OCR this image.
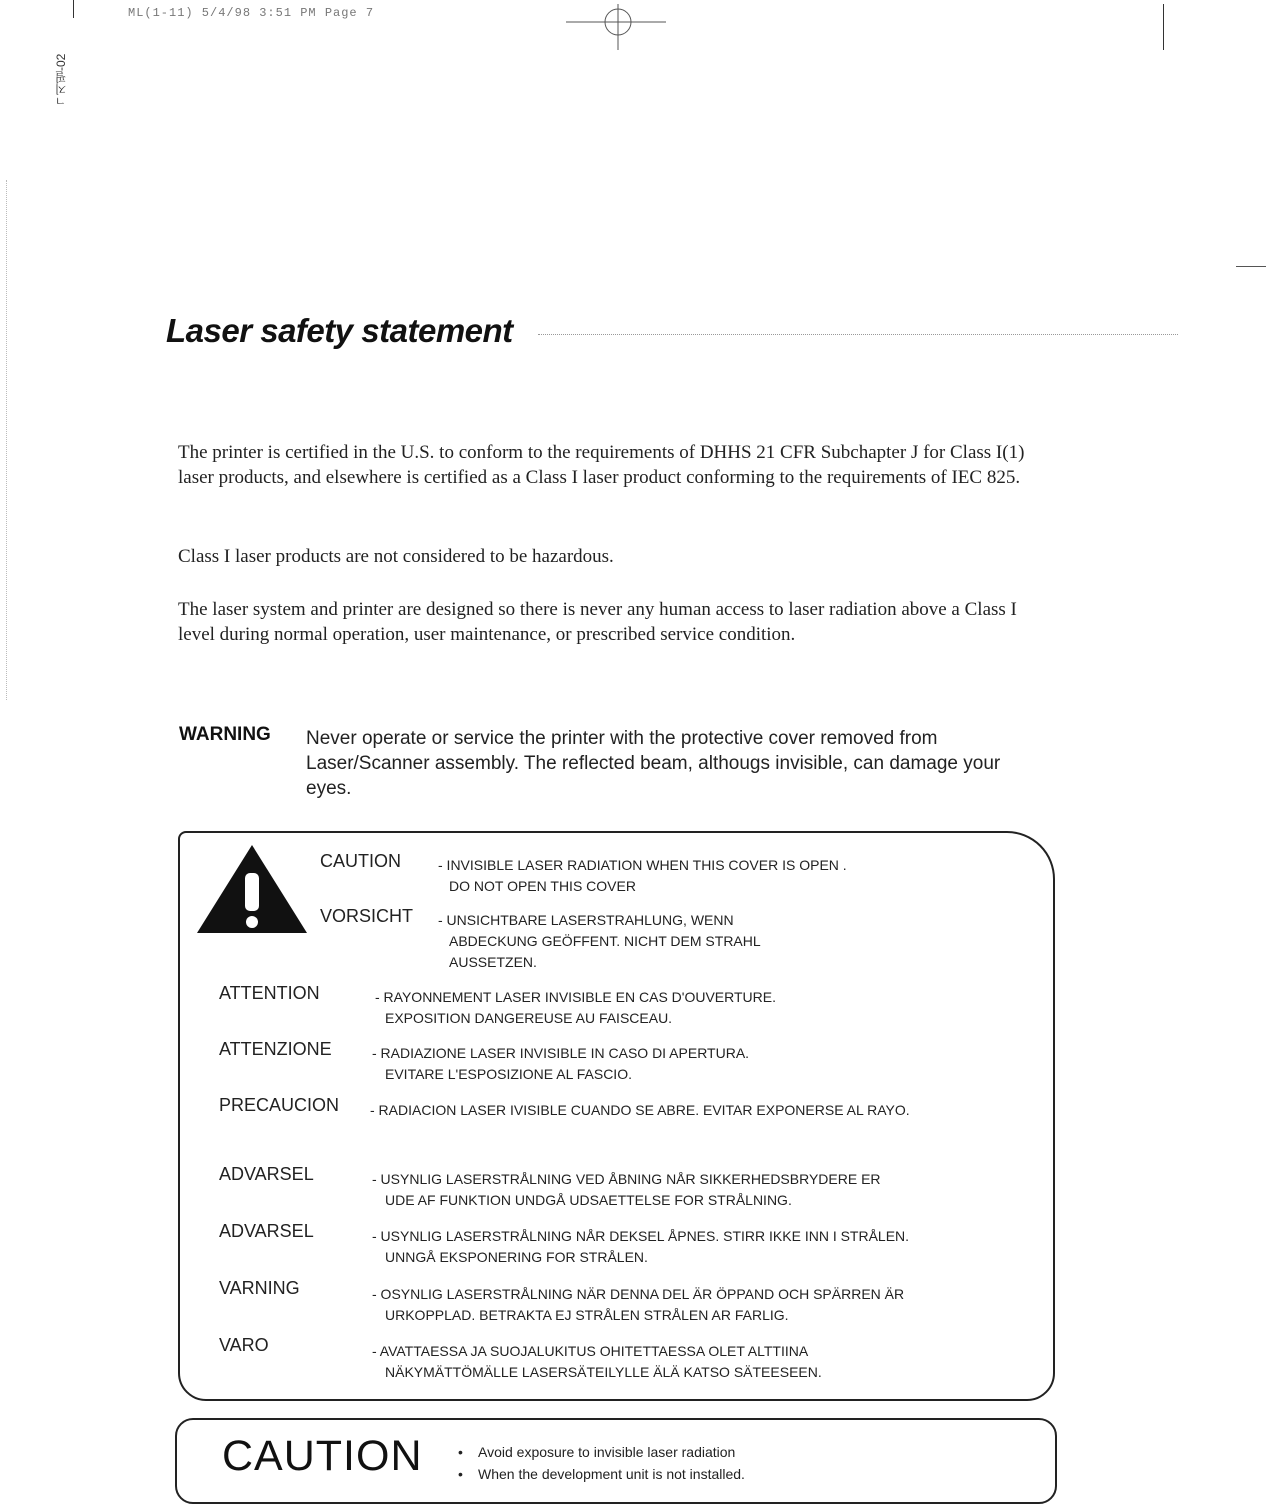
ML(1-11) 5/4/98 3:51 PM Page 7
ㄱ지필-02
Laser safety statement
The printer is certified in the U.S. to conform to the requirements of DHHS 21 CFR Subchapter J for Class I(1) laser products, and elsewhere is certified as a Class I laser product conforming to the requirements of IEC 825.
Class I laser products are not considered to be hazardous.
The laser system and printer are designed so there is never any human access to laser radiation above a Class I level during normal operation, user maintenance, or prescribed service condition.
WARNING Never operate or service the printer with the protective cover removed from Laser/Scanner assembly. The reflected beam, althougs invisible, can damage your eyes.
CAUTION	- INVISIBLE LASER RADIATION WHEN THIS COVER IS OPEN .
DO NOT OPEN THIS COVER
VORSICHT - UNSICHTBARE LASERSTRAHLUNG, WENN
ABDECKUNG GEÖFFENT. NICHT DEM STRAHL
AUSSETZEN.
ATTENTION	- RAYONNEMENT LASER INVISIBLE EN CAS D'OUVERTURE.
EXPOSITION DANGEREUSE AU FAISCEAU.
ATTENZIONE	- RADIAZIONE LASER INVISIBLE IN CASO DI APERTURA.
EVITARE L'ESPOSIZIONE AL FASCIO.
PRECAUCION - RADIACION LASER IVISIBLE CUANDO SE ABRE. EVITAR EXPONERSE AL RAYO.
ADVARSEL	- USYNLIG LASERSTRÅLNING VED ÅBNING NÅR SIKKERHEDSBRYDERE ER
UDE AF FUNKTION UNDGÅ UDSAETTELSE FOR STRÅLNING.
ADVARSEL	- USYNLIG LASERSTRÅLNING NÅR DEKSEL ÅPNES. STIRR IKKE INN I STRÅLEN.
UNNGÅ EKSPONERING FOR STRÅLEN.
VARNING	- OSYNLIG LASERSTRÅLNING NÄR DENNA DEL ÄR ÖPPAND OCH SPÄRREN ÄR
URKOPPLAD. BETRAKTA EJ STRÅLEN STRÅLEN AR FARLIG.
VARO	- AVATTAESSA JA SUOJALUKITUS OHITETTAESSA OLET ALTTIINA
NÄKYMÄTTÖMÄLLE LASERSÄTEILYLLE ÄLÄ KATSO SÄTEESEEN.
CAUTION
•	Avoid exposure to invisible laser radiation
• When the development unit is not installed.
